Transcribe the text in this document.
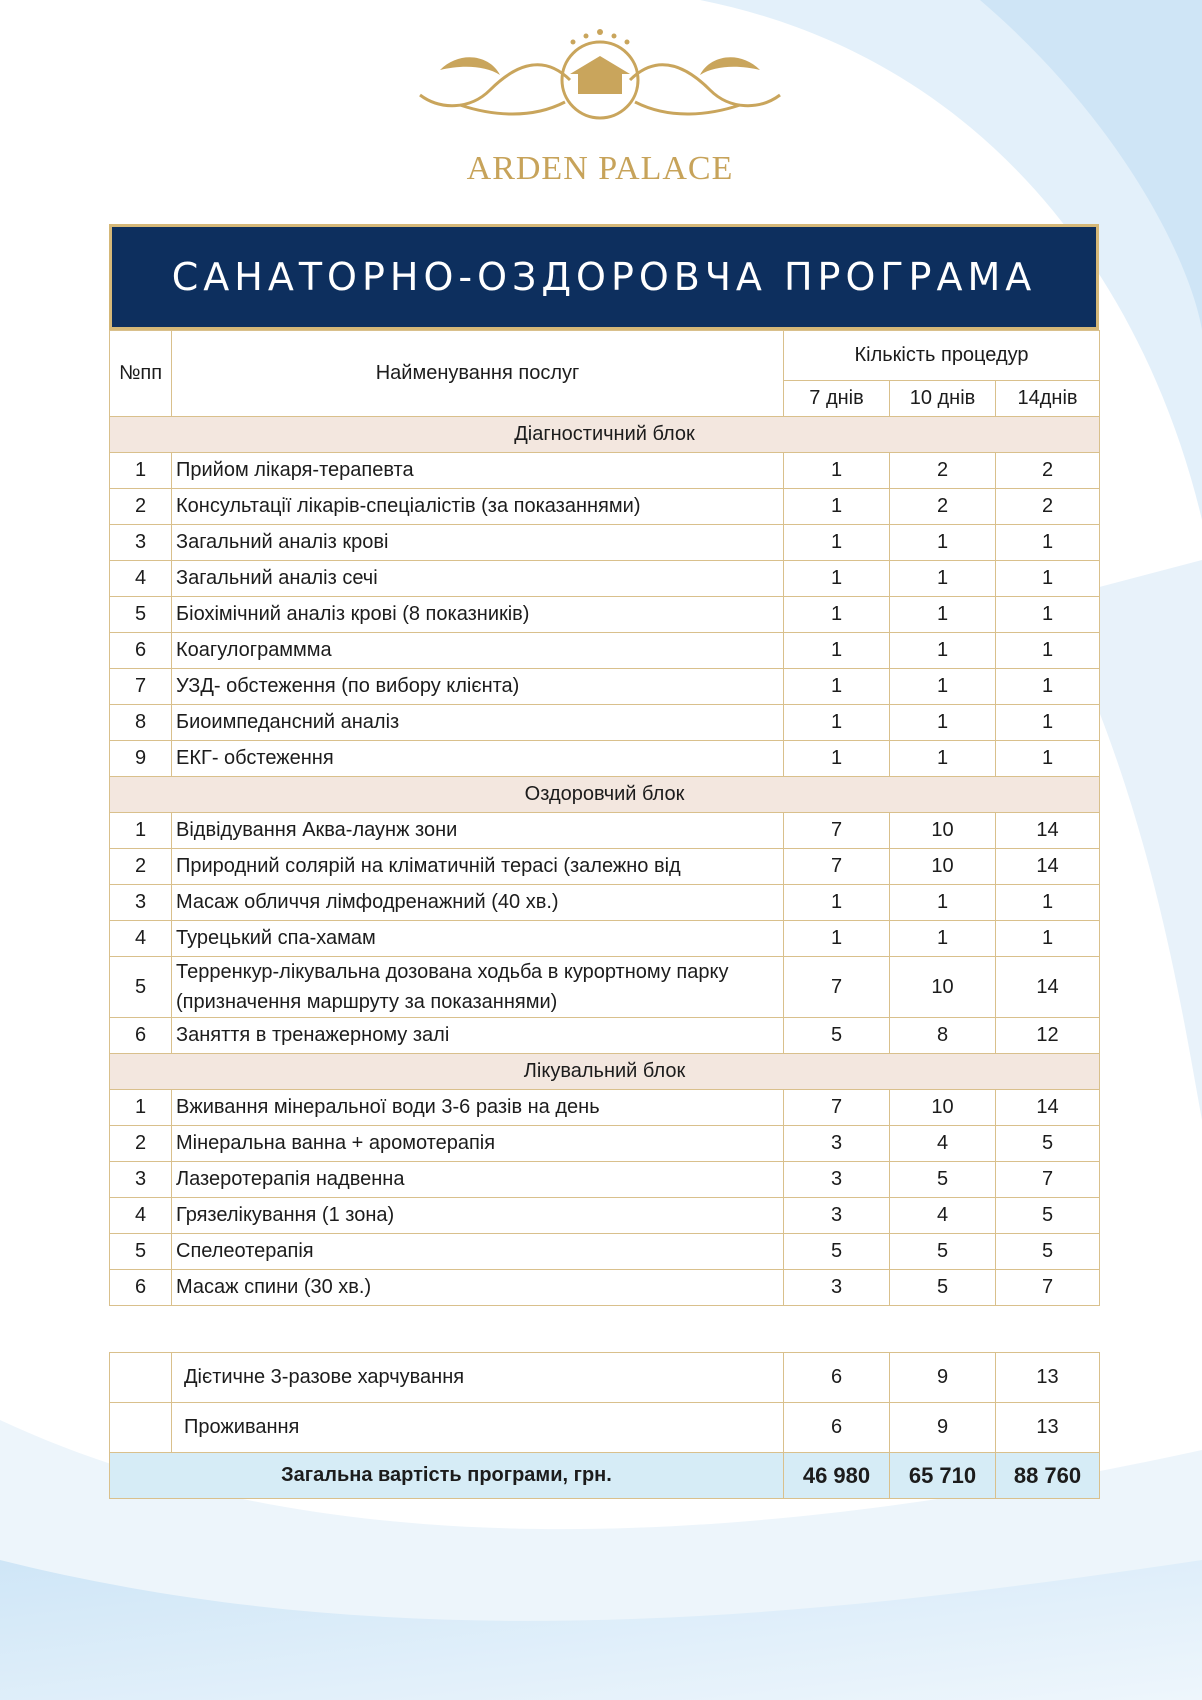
ARDEN PALACE
САНАТОРНО-ОЗДОРОВЧА ПРОГРАМА
№пп	Найменування послуг	Кількість процедур		
		7 днів	10 днів	14днів
Діагностичний блок				
1	Прийом лікаря-терапевта	1	2	2
2	Консультації лікарів-спеціалістів (за показаннями)	1	2	2
3	Загальний аналіз крові	1	1	1
4	Загальний аналіз сечі	1	1	1
5	Біохімічний аналіз крові (8 показників)	1	1	1
6	Коагулограммма	1	1	1
7	УЗД- обстеження (по вибору клієнта)	1	1	1
8	Биоимпедансний аналіз	1	1	1
9	ЕКГ- обстеження	1	1	1
Оздоровчий блок				
1	Відвідування Аква-лаунж зони	7	10	14
2	Природний солярій на кліматичній терасі (залежно від	7	10	14
3	Масаж обличчя лімфодренажний (40 хв.)	1	1	1
4	Турецький спа-хамам	1	1	1
5	Терренкур-лікувальна дозована ходьба в курортному парку (призначення маршруту за показаннями)	7	10	14
6	Заняття в тренажерному залі	5	8	12
Лікувальний блок				
1	Вживання мінеральної води 3-6 разів на день	7	10	14
2	Мінеральна ванна + аромотерапія	3	4	5
3	Лазеротерапія надвенна	3	5	7
4	Грязелікування (1 зона)	3	4	5
5	Спелеотерапія	5	5	5
6	Масаж спини (30 хв.)	3	5	7
	Дієтичне 3-разове харчування	6	9	13
	Проживання	6	9	13
Загальна вартість програми, грн.		46 980	65 710	88 760
